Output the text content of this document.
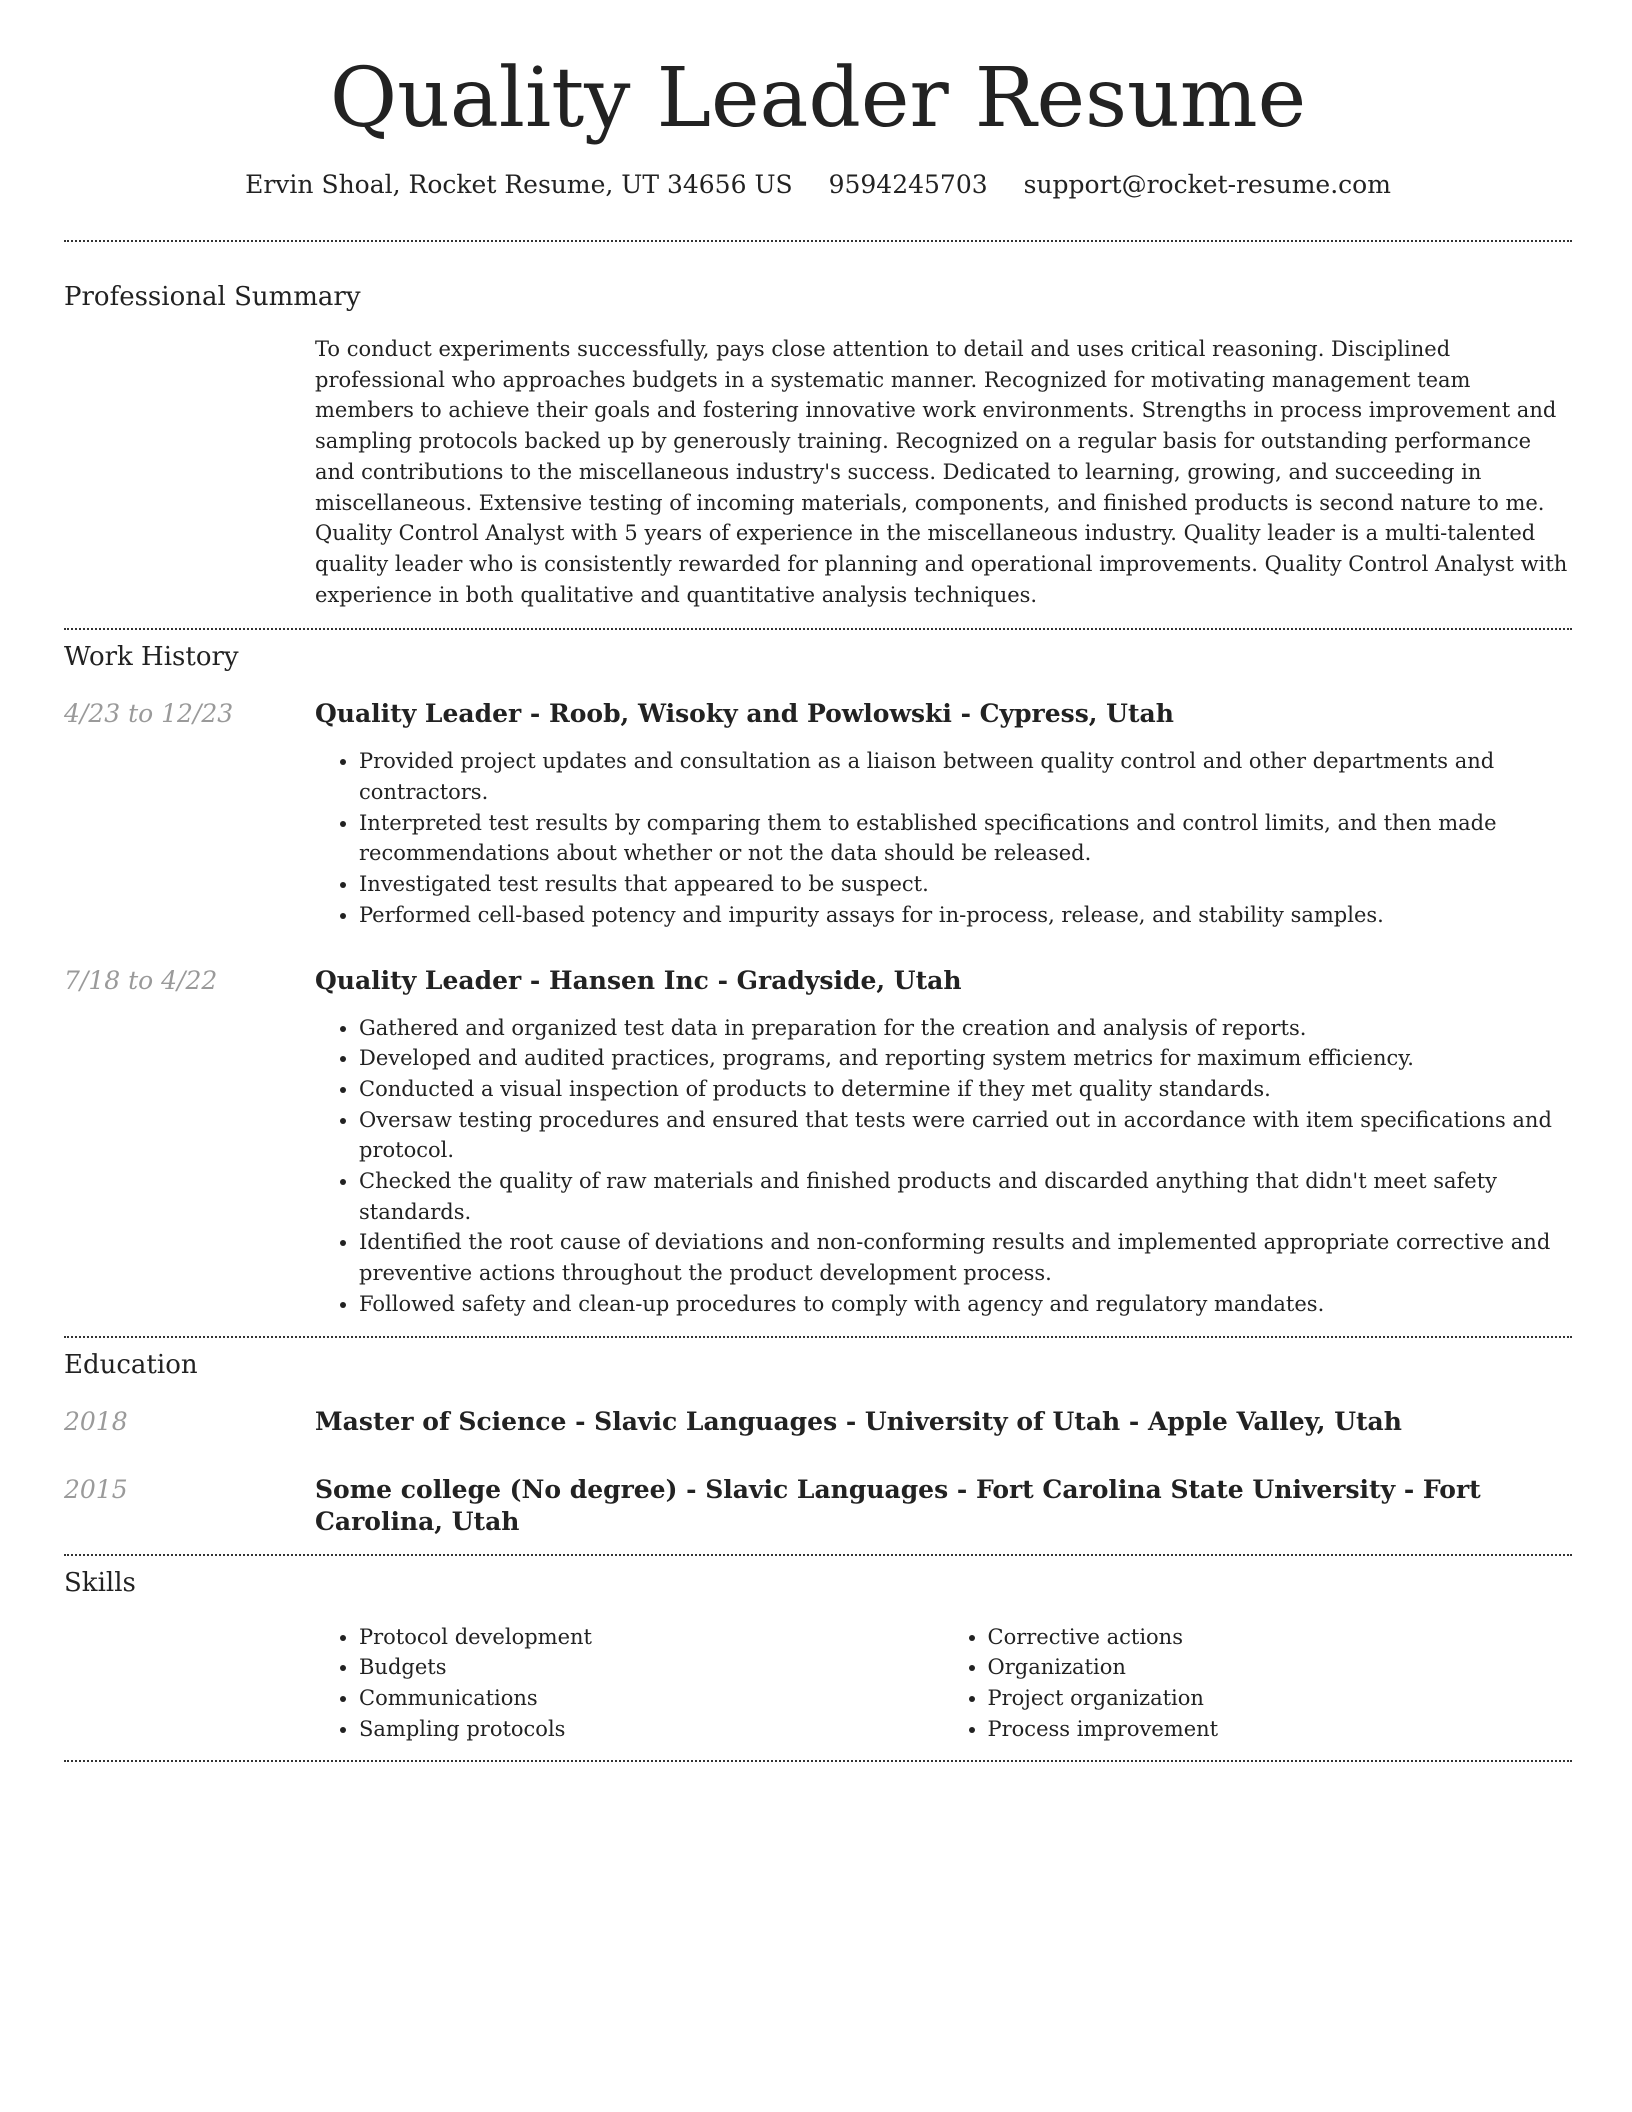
Quality Leader Resume
Ervin Shoal, Rocket Resume, UT 34656 US 9594245703 support@rocket-resume.com
Professional Summary

To conduct experiments successfully, pays close attention to detail and uses critical reasoning. Disciplined professional who approaches budgets in a systematic manner. Recognized for motivating management team members to achieve their goals and fostering innovative work environments. Strengths in process improvement and sampling protocols backed up by generously training. Recognized on a regular basis for outstanding performance and contributions to the miscellaneous industry's success. Dedicated to learning, growing, and succeeding in miscellaneous. Extensive testing of incoming materials, components, and finished products is second nature to me. Quality Control Analyst with 5 years of experience in the miscellaneous industry. Quality leader is a multi-talented quality leader who is consistently rewarded for planning and operational improvements. Quality Control Analyst with experience in both qualitative and quantitative analysis techniques.

Work History
4/23 to 12/23	Quality Leader - Roob, Wisoky and Powlowski - Cypress, Utah
• Provided project updates and consultation as a liaison between quality control and other departments and contractors.
• Interpreted test results by comparing them to established specifications and control limits, and then made recommendations about whether or not the data should be released.
• Investigated test results that appeared to be suspect.
• Performed cell-based potency and impurity assays for in-process, release, and stability samples.
7/18 to 4/22	Quality Leader - Hansen Inc - Gradyside, Utah
• Gathered and organized test data in preparation for the creation and analysis of reports.
• Developed and audited practices, programs, and reporting system metrics for maximum efficiency.
• Conducted a visual inspection of products to determine if they met quality standards.
• Oversaw testing procedures and ensured that tests were carried out in accordance with item specifications and protocol.
• Checked the quality of raw materials and finished products and discarded anything that didn't meet safety standards.
• Identified the root cause of deviations and non-conforming results and implemented appropriate corrective and preventive actions throughout the product development process.
• Followed safety and clean-up procedures to comply with agency and regulatory mandates.
Education
2018	Master of Science - Slavic Languages - University of Utah - Apple Valley, Utah
2015	Some college (No degree) - Slavic Languages - Fort Carolina State University - Fort Carolina, Utah
Skills
• Protocol development
• Budgets
• Communications
• Sampling protocols
• Corrective actions
• Organization
• Project organization
• Process improvement
